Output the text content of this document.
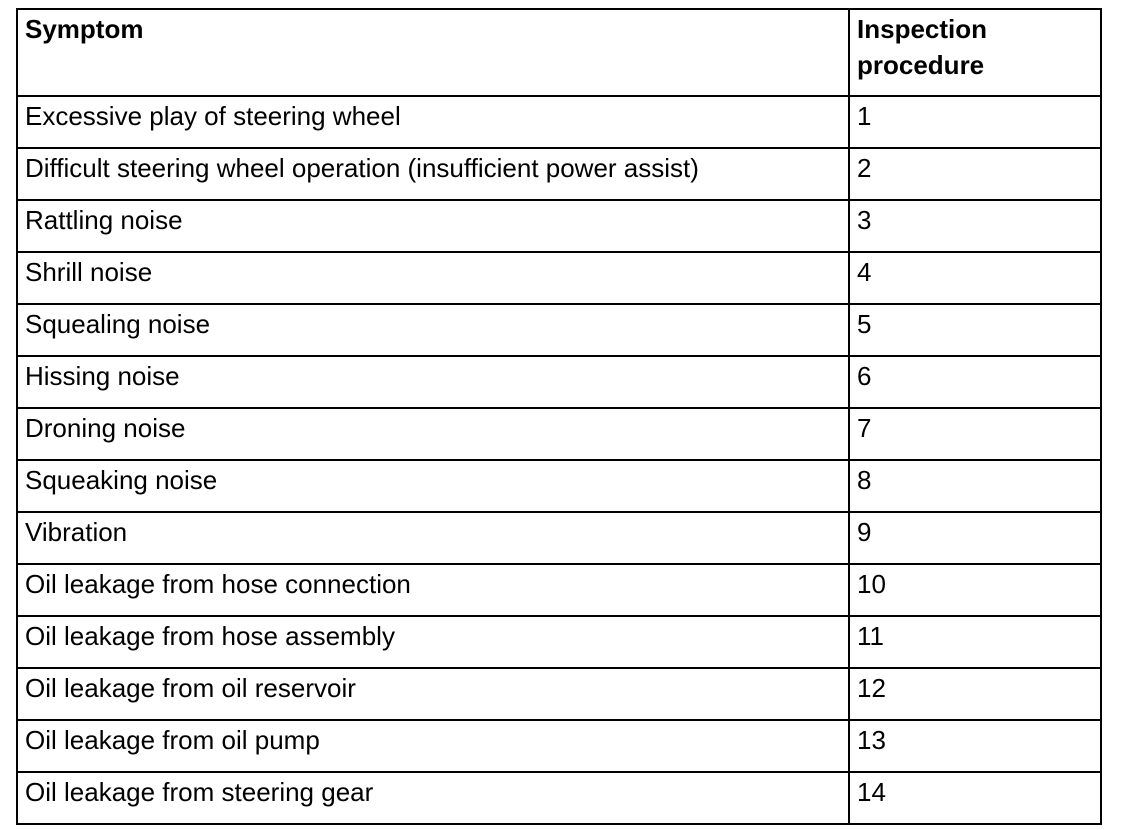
Symptom	Inspection procedure
Excessive play of steering wheel	1
Difficult steering wheel operation (insufficient power assist)	2
Rattling noise	3
Shrill noise	4
Squealing noise	5
Hissing noise	6
Droning noise	7
Squeaking noise	8
Vibration	9
Oil leakage from hose connection	10
Oil leakage from hose assembly	11
Oil leakage from oil reservoir	12
Oil leakage from oil pump	13
Oil leakage from steering gear	14
